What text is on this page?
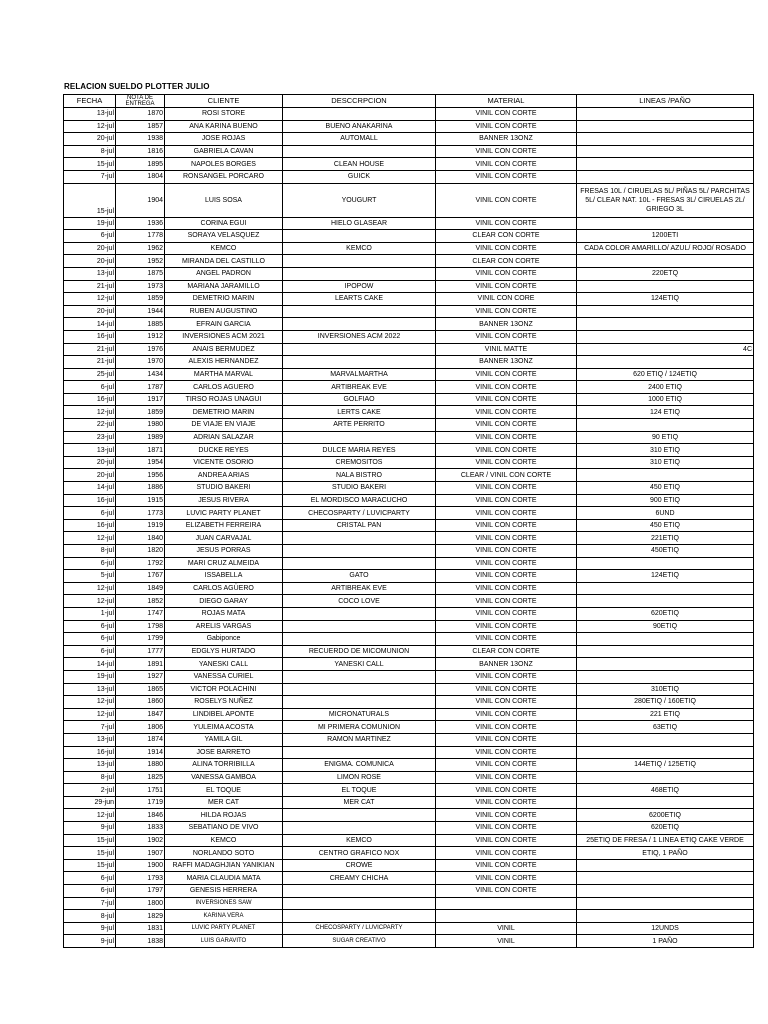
RELACION SUELDO PLOTTER JULIO
FECHA	NOTA DE ENTREGA	CLIENTE	DESCCRPCION	MATERIAL	LINEAS /PAÑO
13-jul	1870	ROSI STORE		VINIL CON CORTE	
12-jul	1857	ANA KARINA BUENO	BUENO ANAKARINA	VINIL CON CORTE	
20-jul	1938	JOSE ROJAS	AUTOMALL	BANNER 13ONZ	
8-jul	1816	GABRIELA CAVAN		VINIL CON CORTE	
15-jul	1895	NAPOLES BORGES	CLEAN HOUSE	VINIL CON CORTE	
7-jul	1804	RONSANGEL PORCARO	GUICK	VINIL CON CORTE	
15-jul	1904	LUIS SOSA	YOUGURT	VINIL CON CORTE	FRESAS 10L / CIRUELAS 5L/ PIÑAS 5L/ PARCHITAS 5L/ CLEAR NAT. 10L - FRESAS 3L/ CIRUELAS 2L/ GRIEGO 3L
19-jul	1936	CORINA EGUI	HIELO GLASEAR	VINIL CON CORTE	
6-jul	1778	SORAYA VELASQUEZ		CLEAR CON CORTE	1200ETI
20-jul	1962	KEMCO	KEMCO	VINIL CON CORTE	CADA COLOR AMARILLO/ AZUL/ ROJO/ ROSADO
20-jul	1952	MIRANDA DEL CASTILLO		CLEAR CON CORTE	
13-jul	1875	ANGEL PADRON		VINIL CON CORTE	220ETQ
21-jul	1973	MARIANA JARAMILLO	IPOPOW	VINIL CON CORTE	
12-jul	1859	DEMETRIO MARIN	LEARTS CAKE	VINIL CON CORE	124ETIQ
20-jul	1944	RUBEN AUGUSTINO		VINIL CON CORTE	
14-jul	1885	EFRAIN GARCIA		BANNER 13ONZ	
16-jul	1912	INVERSIONES ACM 2021	INVERSIONES ACM 2022	VINIL CON CORTE	
21-jul	1976	ANAIS BERMUDEZ		VINIL MATTE	4C
21-jul	1970	ALEXIS HERNANDEZ		BANNER 13ONZ	
25-jul	1434	MARTHA MARVAL	MARVALMARTHA	VINIL CON CORTE	620 ETIQ / 124ETIQ
6-jul	1787	CARLOS AGUERO	ARTIBREAK EVE	VINIL CON CORTE	2400 ETIQ
16-jul	1917	TIRSO ROJAS UNAGUI	GOLFIAO	VINIL CON CORTE	1000 ETIQ
12-jul	1859	DEMETRIO MARIN	LERTS CAKE	VINIL CON CORTE	124 ETIQ
22-jul	1980	DE VIAJE EN VIAJE	ARTE PERRITO	VINIL CON CORTE	
23-jul	1989	ADRIAN SALAZAR		VINIL CON CORTE	90 ETIQ
13-jul	1871	DUCKE REYES	DULCE MARIA REYES	VINIL CON CORTE	310 ETIQ
20-jul	1954	VICENTE OSORIO	CREMOSITOS	VINIL CON CORTE	310 ETIQ
20-jul	1956	ANDREA ARIAS	NALA BISTRO	CLEAR / VINIL CON CORTE	
14-jul	1886	STUDIO BAKERI	STUDIO BAKERI	VINIL CON CORTE	450 ETIQ
16-jul	1915	JESUS RIVERA	EL MORDISCO MARACUCHO	VINIL CON CORTE	900 ETIQ
6-jul	1773	LUVIC PARTY PLANET	CHECOSPARTY / LUVICPARTY	VINIL CON CORTE	6UND
16-jul	1919	ELIZABETH FERREIRA	CRISTAL PAN	VINIL CON CORTE	450 ETIQ
12-jul	1840	JUAN CARVAJAL		VINIL CON CORTE	221ETIQ
8-jul	1820	JESUS PORRAS		VINIL CON CORTE	450ETIQ
6-jul	1792	MARI CRUZ ALMEIDA		VINIL CON CORTE	
5-jul	1767	ISSABELLA	GATO	VINIL CON CORTE	124ETIQ
12-jul	1849	CARLOS AGÜERO	ARTIBREAK EVE	VINIL CON CORTE	
12-jul	1852	DIEGO GARAY	COCO LOVE	VINIL CON CORTE	
1-jul	1747	ROJAS MATA		VINIL CON CORTE	620ETIQ
6-jul	1798	ARELIS VARGAS		VINIL CON CORTE	90ETIQ
6-jul	1799	Gabiponce		VINIL CON CORTE	
6-jul	1777	EDGLYS HURTADO	RECUERDO DE MICOMUNION	CLEAR CON CORTE	
14-jul	1891	YANESKI CALL	YANESKI CALL	BANNER 13ONZ	
19-jul	1927	VANESSA CURIEL		VINIL CON CORTE	
13-jul	1865	VICTOR POLACHINI		VINIL CON CORTE	310ETIQ
12-jul	1860	ROSELYS NUÑEZ		VINIL CON CORTE	280ETIQ / 160ETIQ
12-jul	1847	LINDIBEL APONTE	MICRONATURALS	VINIL CON CORTE	221 ETIQ
7-jul	1806	YULEIMA ACOSTA	MI PRIMERA COMUNION	VINIL CON CORTE	63ETIQ
13-jul	1874	YAMILA GIL	RAMON MARTINEZ	VINIL CON CORTE	
16-jul	1914	JOSE BARRETO		VINIL CON CORTE	
13-jul	1880	ALINA TORRIBILLA	ENIGMA. COMUNICA	VINIL CON CORTE	144ETIQ / 125ETIQ
8-jul	1825	VANESSA GAMBOA	LIMON ROSE	VINIL CON CORTE	
2-jul	1751	EL TOQUE	EL TOQUE	VINIL CON CORTE	468ETIQ
29-jun	1719	MER CAT	MER CAT	VINIL CON CORTE	
12-jul	1846	HILDA ROJAS		VINIL CON CORTE	6200ETIQ
9-jul	1833	SEBATIANO DE VIVO		VINIL CON CORTE	620ETIQ
15-jul	1902	KEMCO	KEMCO	VINIL CON CORTE	25ETIQ DE FRESA / 1 LINEA ETIQ CAKE VERDE
15-jul	1907	NORLANDO SOTO	CENTRO GRAFICO NOX	VINIL CON CORTE	ETIQ, 1 PAÑO
15-jul	1900	RAFFI MADAGHJIAN YANIKIAN	CROWE	VINIL CON CORTE	
6-jul	1793	MARIA CLAUDIA MATA	CREAMY CHICHA	VINIL CON CORTE	
6-jul	1797	GENESIS HERRERA		VINIL CON CORTE	
7-jul	1800	INVERSIONES SAW			
8-jul	1829	KARINA VERA			
9-jul	1831	LUVIC PARTY PLANET	CHECOSPARTY / LUVICPARTY	VINIL	12UNDS
9-jul	1838	LUIS GARAVITO	SUGAR CREATIVO	VINIL	1 PAÑO
